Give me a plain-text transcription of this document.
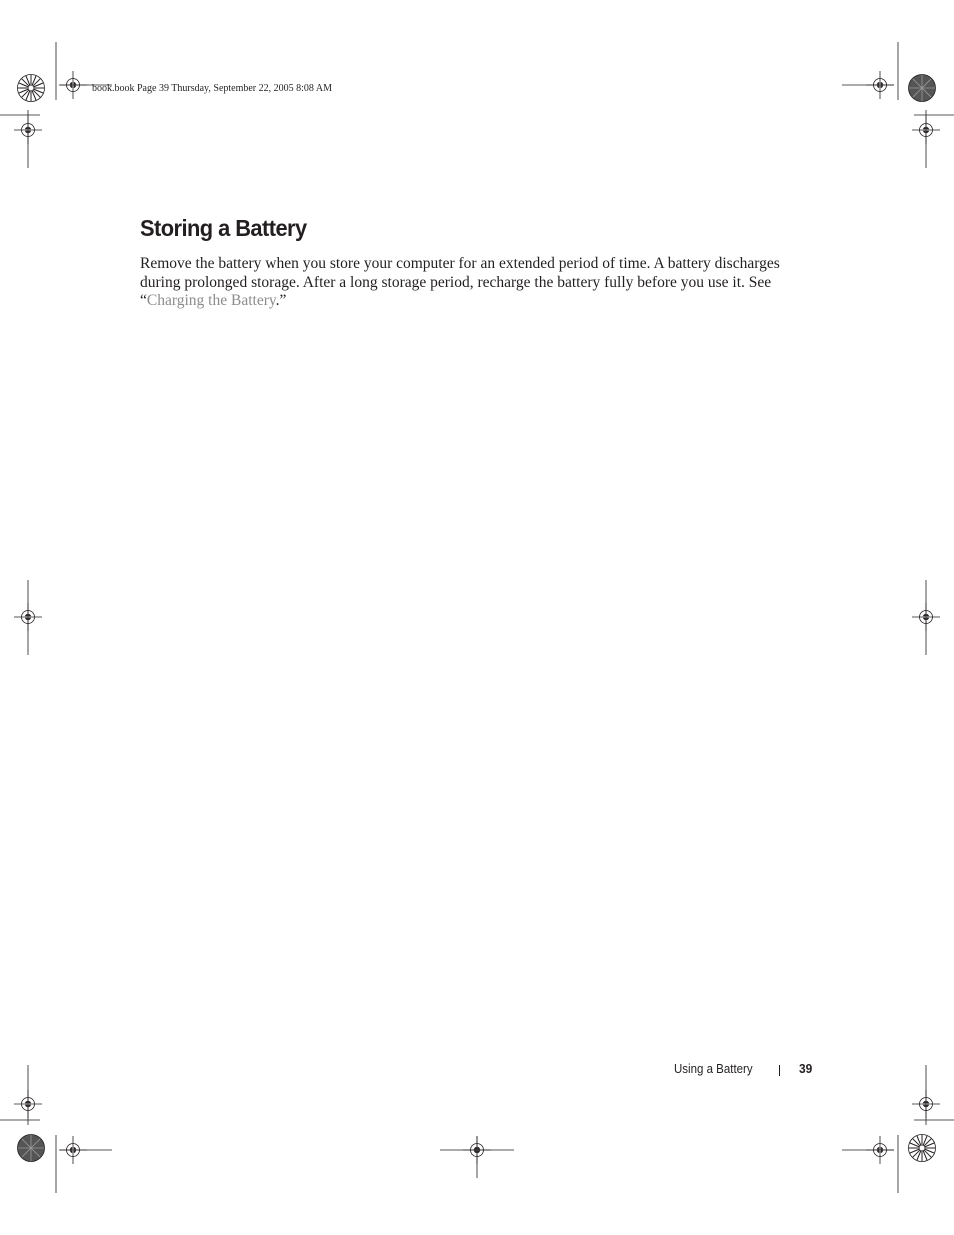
book.book Page 39 Thursday, September 22, 2005 8:08 AM
Storing a Battery

Remove the battery when you store your computer for an extended period of time. A battery discharges during prolonged storage. After a long storage period, recharge the battery fully before you use it. See “Charging the Battery.”

Using a Battery	39
